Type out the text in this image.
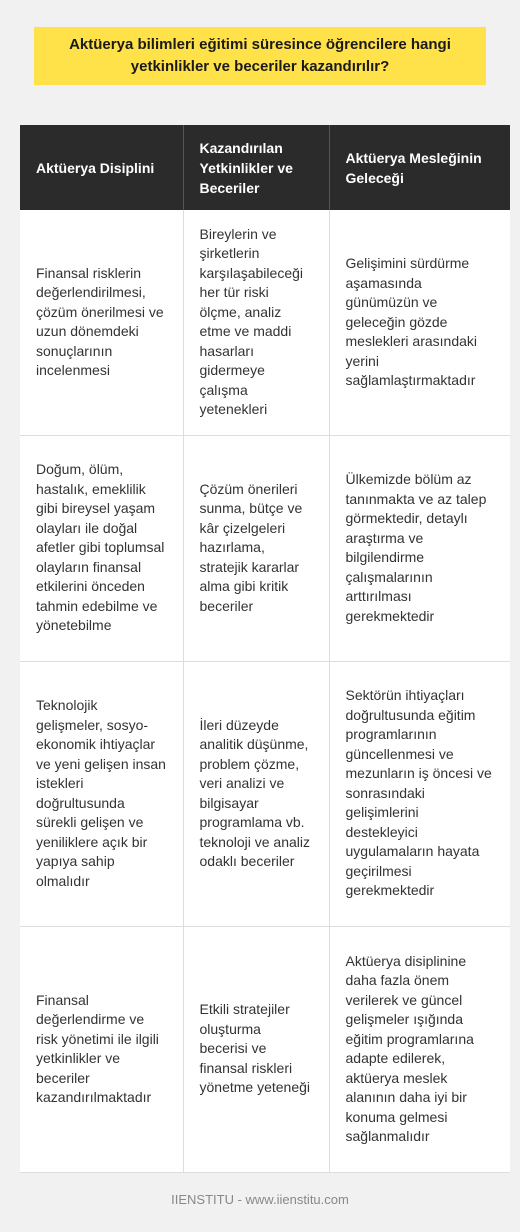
Aktüerya bilimleri eğitimi süresince öğrencilere hangi yetkinlikler ve beceriler kazandırılır?
Aktüerya Disiplini	Kazandırılan Yetkinlikler ve Beceriler	Aktüerya Mesleğinin Geleceği
Finansal risklerin değerlendirilmesi, çözüm önerilmesi ve uzun dönemdeki sonuçlarının incelenmesi	Bireylerin ve şirketlerin karşılaşabileceği her tür riski ölçme, analiz etme ve maddi hasarları gidermeye çalışma yetenekleri	Gelişimini sürdürme aşamasında günümüzün ve geleceğin gözde meslekleri arasındaki yerini sağlamlaştırmaktadır
Doğum, ölüm, hastalık, emeklilik gibi bireysel yaşam olayları ile doğal afetler gibi toplumsal olayların finansal etkilerini önceden tahmin edebilme ve yönetebilme	Çözüm önerileri sunma, bütçe ve kâr çizelgeleri hazırlama, stratejik kararlar alma gibi kritik beceriler	Ülkemizde bölüm az tanınmakta ve az talep görmektedir, detaylı araştırma ve bilgilendirme çalışmalarının arttırılması gerekmektedir
Teknolojik gelişmeler, sosyo-ekonomik ihtiyaçlar ve yeni gelişen insan istekleri doğrultusunda sürekli gelişen ve yeniliklere açık bir yapıya sahip olmalıdır	İleri düzeyde analitik düşünme, problem çözme, veri analizi ve bilgisayar programlama vb. teknoloji ve analiz odaklı beceriler	Sektörün ihtiyaçları doğrultusunda eğitim programlarının güncellenmesi ve mezunların iş öncesi ve sonrasındaki gelişimlerini destekleyici uygulamaların hayata geçirilmesi gerekmektedir
Finansal değerlendirme ve risk yönetimi ile ilgili yetkinlikler ve beceriler kazandırılmaktadır	Etkili stratejiler oluşturma becerisi ve finansal riskleri yönetme yeteneği	Aktüerya disiplinine daha fazla önem verilerek ve güncel gelişmeler ışığında eğitim programlarına adapte edilerek, aktüerya meslek alanının daha iyi bir konuma gelmesi sağlanmalıdır
IIENSTITU - www.iienstitu.com
